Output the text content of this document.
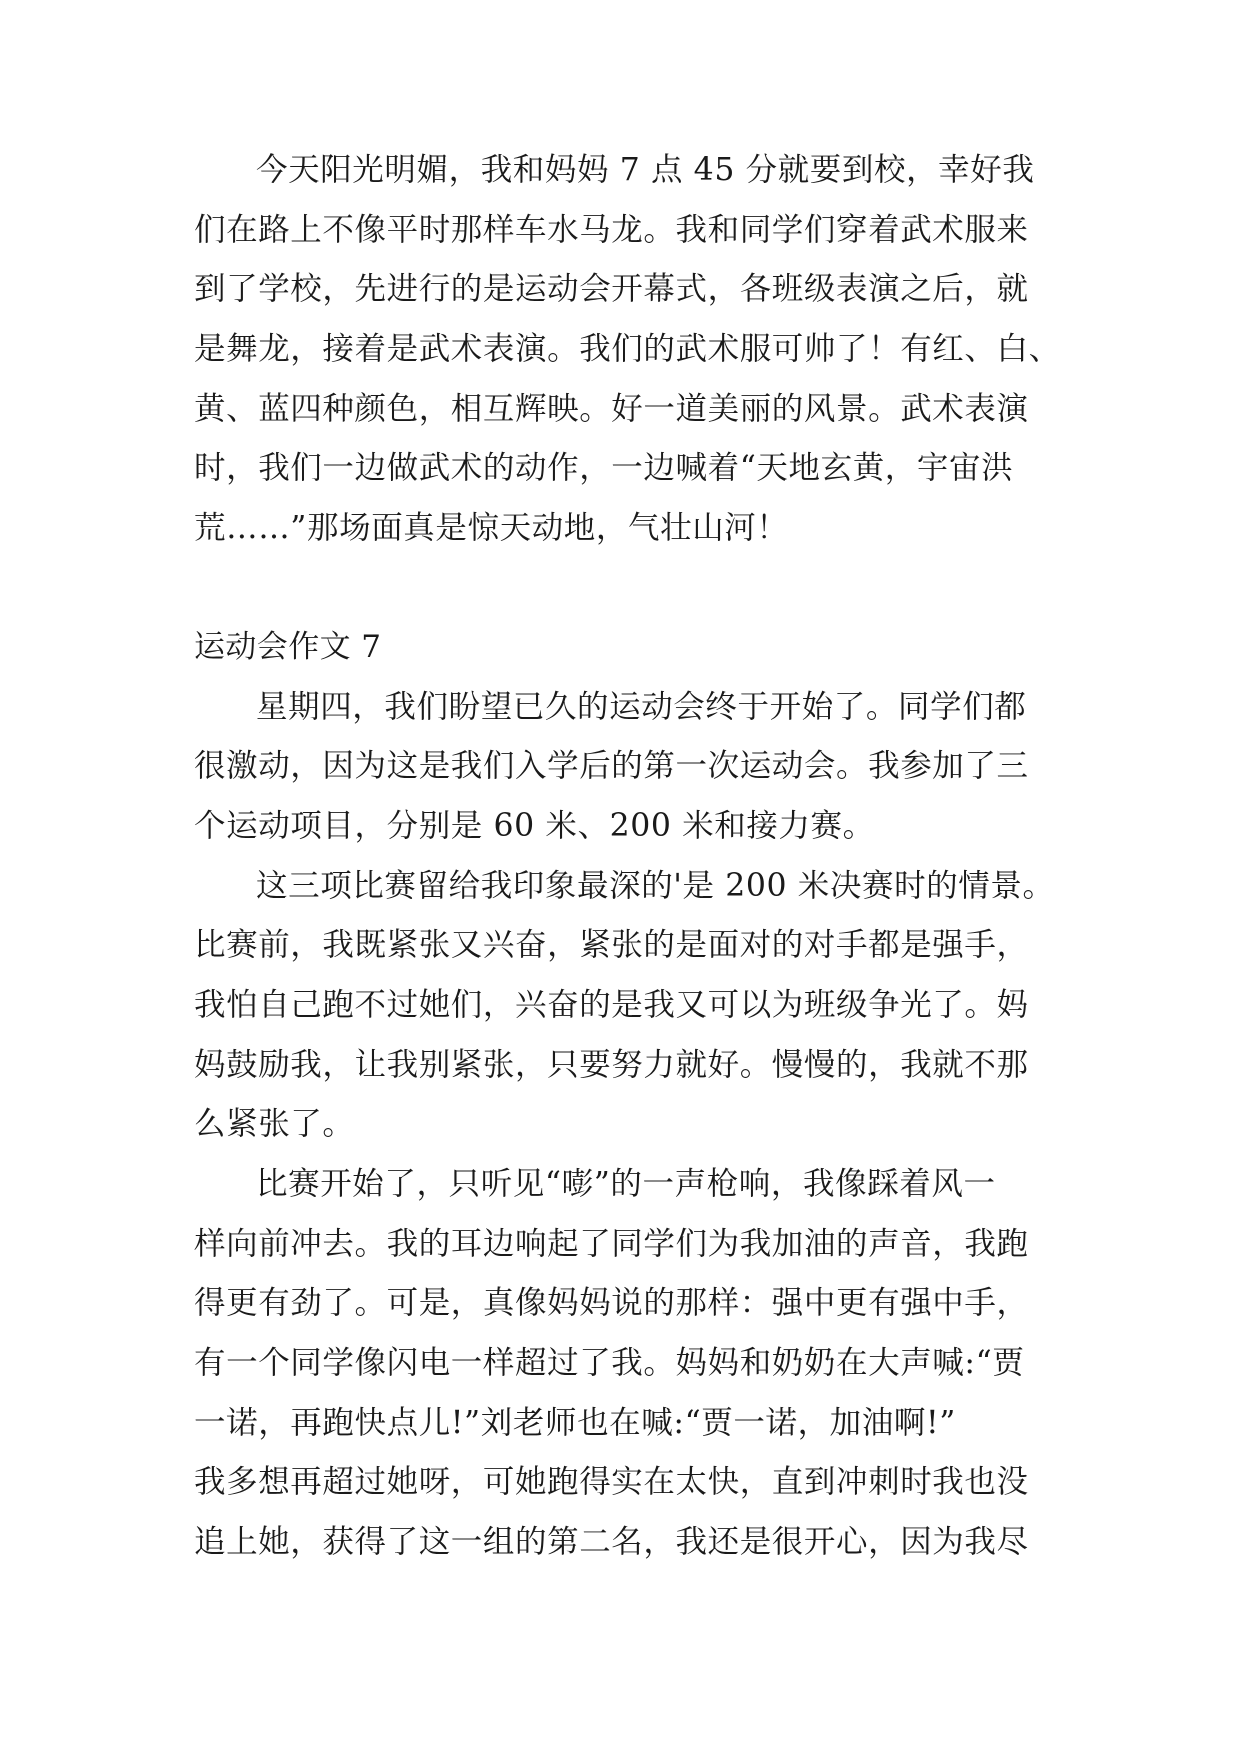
今天阳光明媚，我和妈妈 7 点 45 分就要到校，幸好我
们在路上不像平时那样车水马龙。我和同学们穿着武术服来
到了学校，先进行的是运动会开幕式，各班级表演之后，就
是舞龙，接着是武术表演。我们的武术服可帅了！有红、白、
黄、蓝四种颜色，相互辉映。好一道美丽的风景。武术表演
时，我们一边做武术的动作，一边喊着“天地玄黄，宇宙洪
荒……”那场面真是惊天动地，气壮山河！
运动会作文 7
星期四，我们盼望已久的运动会终于开始了。同学们都
很激动，因为这是我们入学后的第一次运动会。我参加了三
个运动项目，分别是 60 米、200 米和接力赛。
这三项比赛留给我印象最深的'是 200 米决赛时的情景。
比赛前，我既紧张又兴奋，紧张的是面对的对手都是强手，
我怕自己跑不过她们，兴奋的是我又可以为班级争光了。妈
妈鼓励我，让我别紧张，只要努力就好。慢慢的，我就不那
么紧张了。
比赛开始了，只听见“嘭”的一声枪响，我像踩着风一
样向前冲去。我的耳边响起了同学们为我加油的声音，我跑
得更有劲了。可是，真像妈妈说的那样：强中更有强中手，
有一个同学像闪电一样超过了我。妈妈和奶奶在大声喊:“贾
一诺，再跑快点儿!”刘老师也在喊:“贾一诺，加油啊!”
我多想再超过她呀，可她跑得实在太快，直到冲刺时我也没
追上她，获得了这一组的第二名，我还是很开心，因为我尽
